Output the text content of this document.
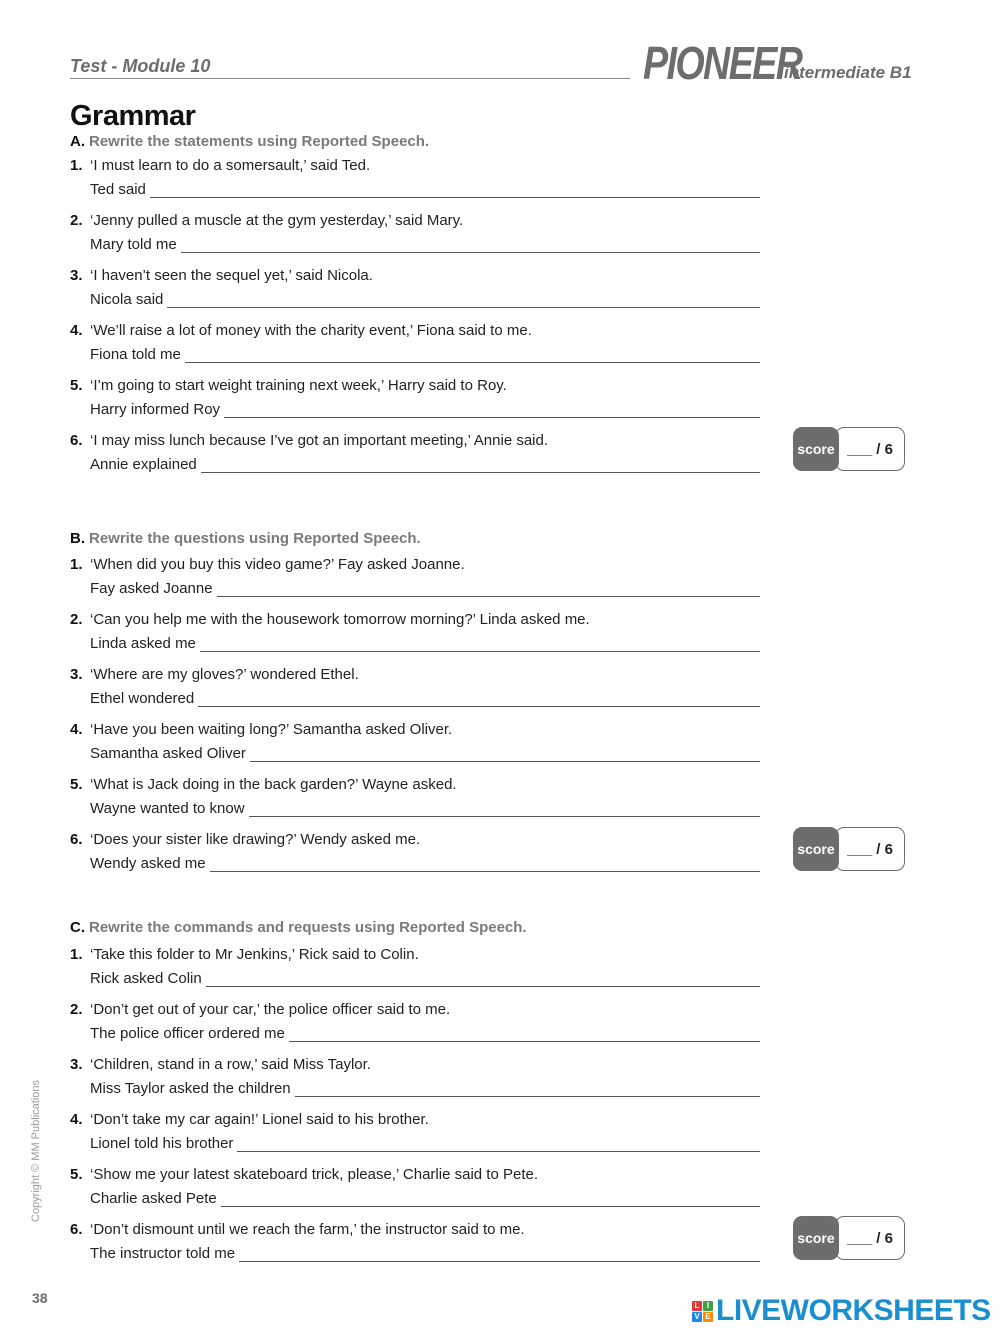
Test - Module 10	PIONEER
intermediate B1
Grammar
A. Rewrite the statements using Reported Speech.
1. ‘I must learn to do a somersault,’ said Ted.
Ted said
2. ‘Jenny pulled a muscle at the gym yesterday,’ said Mary.
Mary told me
3. ‘I haven’t seen the sequel yet,’ said Nicola.
Nicola said
4. ‘We’ll raise a lot of money with the charity event,’ Fiona said to me.
Fiona told me
5. ‘I’m going to start weight training next week,’ Harry said to Roy.
Harry informed Roy
6. ‘I may miss lunch because I’ve got an important meeting,’ Annie said.
Annie explained
score ___ / 6
B. Rewrite the questions using Reported Speech.
1. ‘When did you buy this video game?’ Fay asked Joanne.
Fay asked Joanne
2. ‘Can you help me with the housework tomorrow morning?’ Linda asked me.
Linda asked me
3. ‘Where are my gloves?’ wondered Ethel.
Ethel wondered
4. ‘Have you been waiting long?’ Samantha asked Oliver.
Samantha asked Oliver
5. ‘What is Jack doing in the back garden?’ Wayne asked.
Wayne wanted to know
6. ‘Does your sister like drawing?’ Wendy asked me.
Wendy asked me
score ___ / 6
C. Rewrite the commands and requests using Reported Speech.
1. ‘Take this folder to Mr Jenkins,’ Rick said to Colin.
Rick asked Colin
2. ‘Don’t get out of your car,’ the police officer said to me.
The police officer ordered me
3. ‘Children, stand in a row,’ said Miss Taylor.
Miss Taylor asked the children
4. ‘Don’t take my car again!’ Lionel said to his brother.
Lionel told his brother
5. ‘Show me your latest skateboard trick, please,’ Charlie said to Pete.
Charlie asked Pete
6. ‘Don’t dismount until we reach the farm,’ the instructor said to me.
The instructor told me
score ___ / 6
Copyright © MM Publications
38	L I
V E LIVEWORKSHEETS
